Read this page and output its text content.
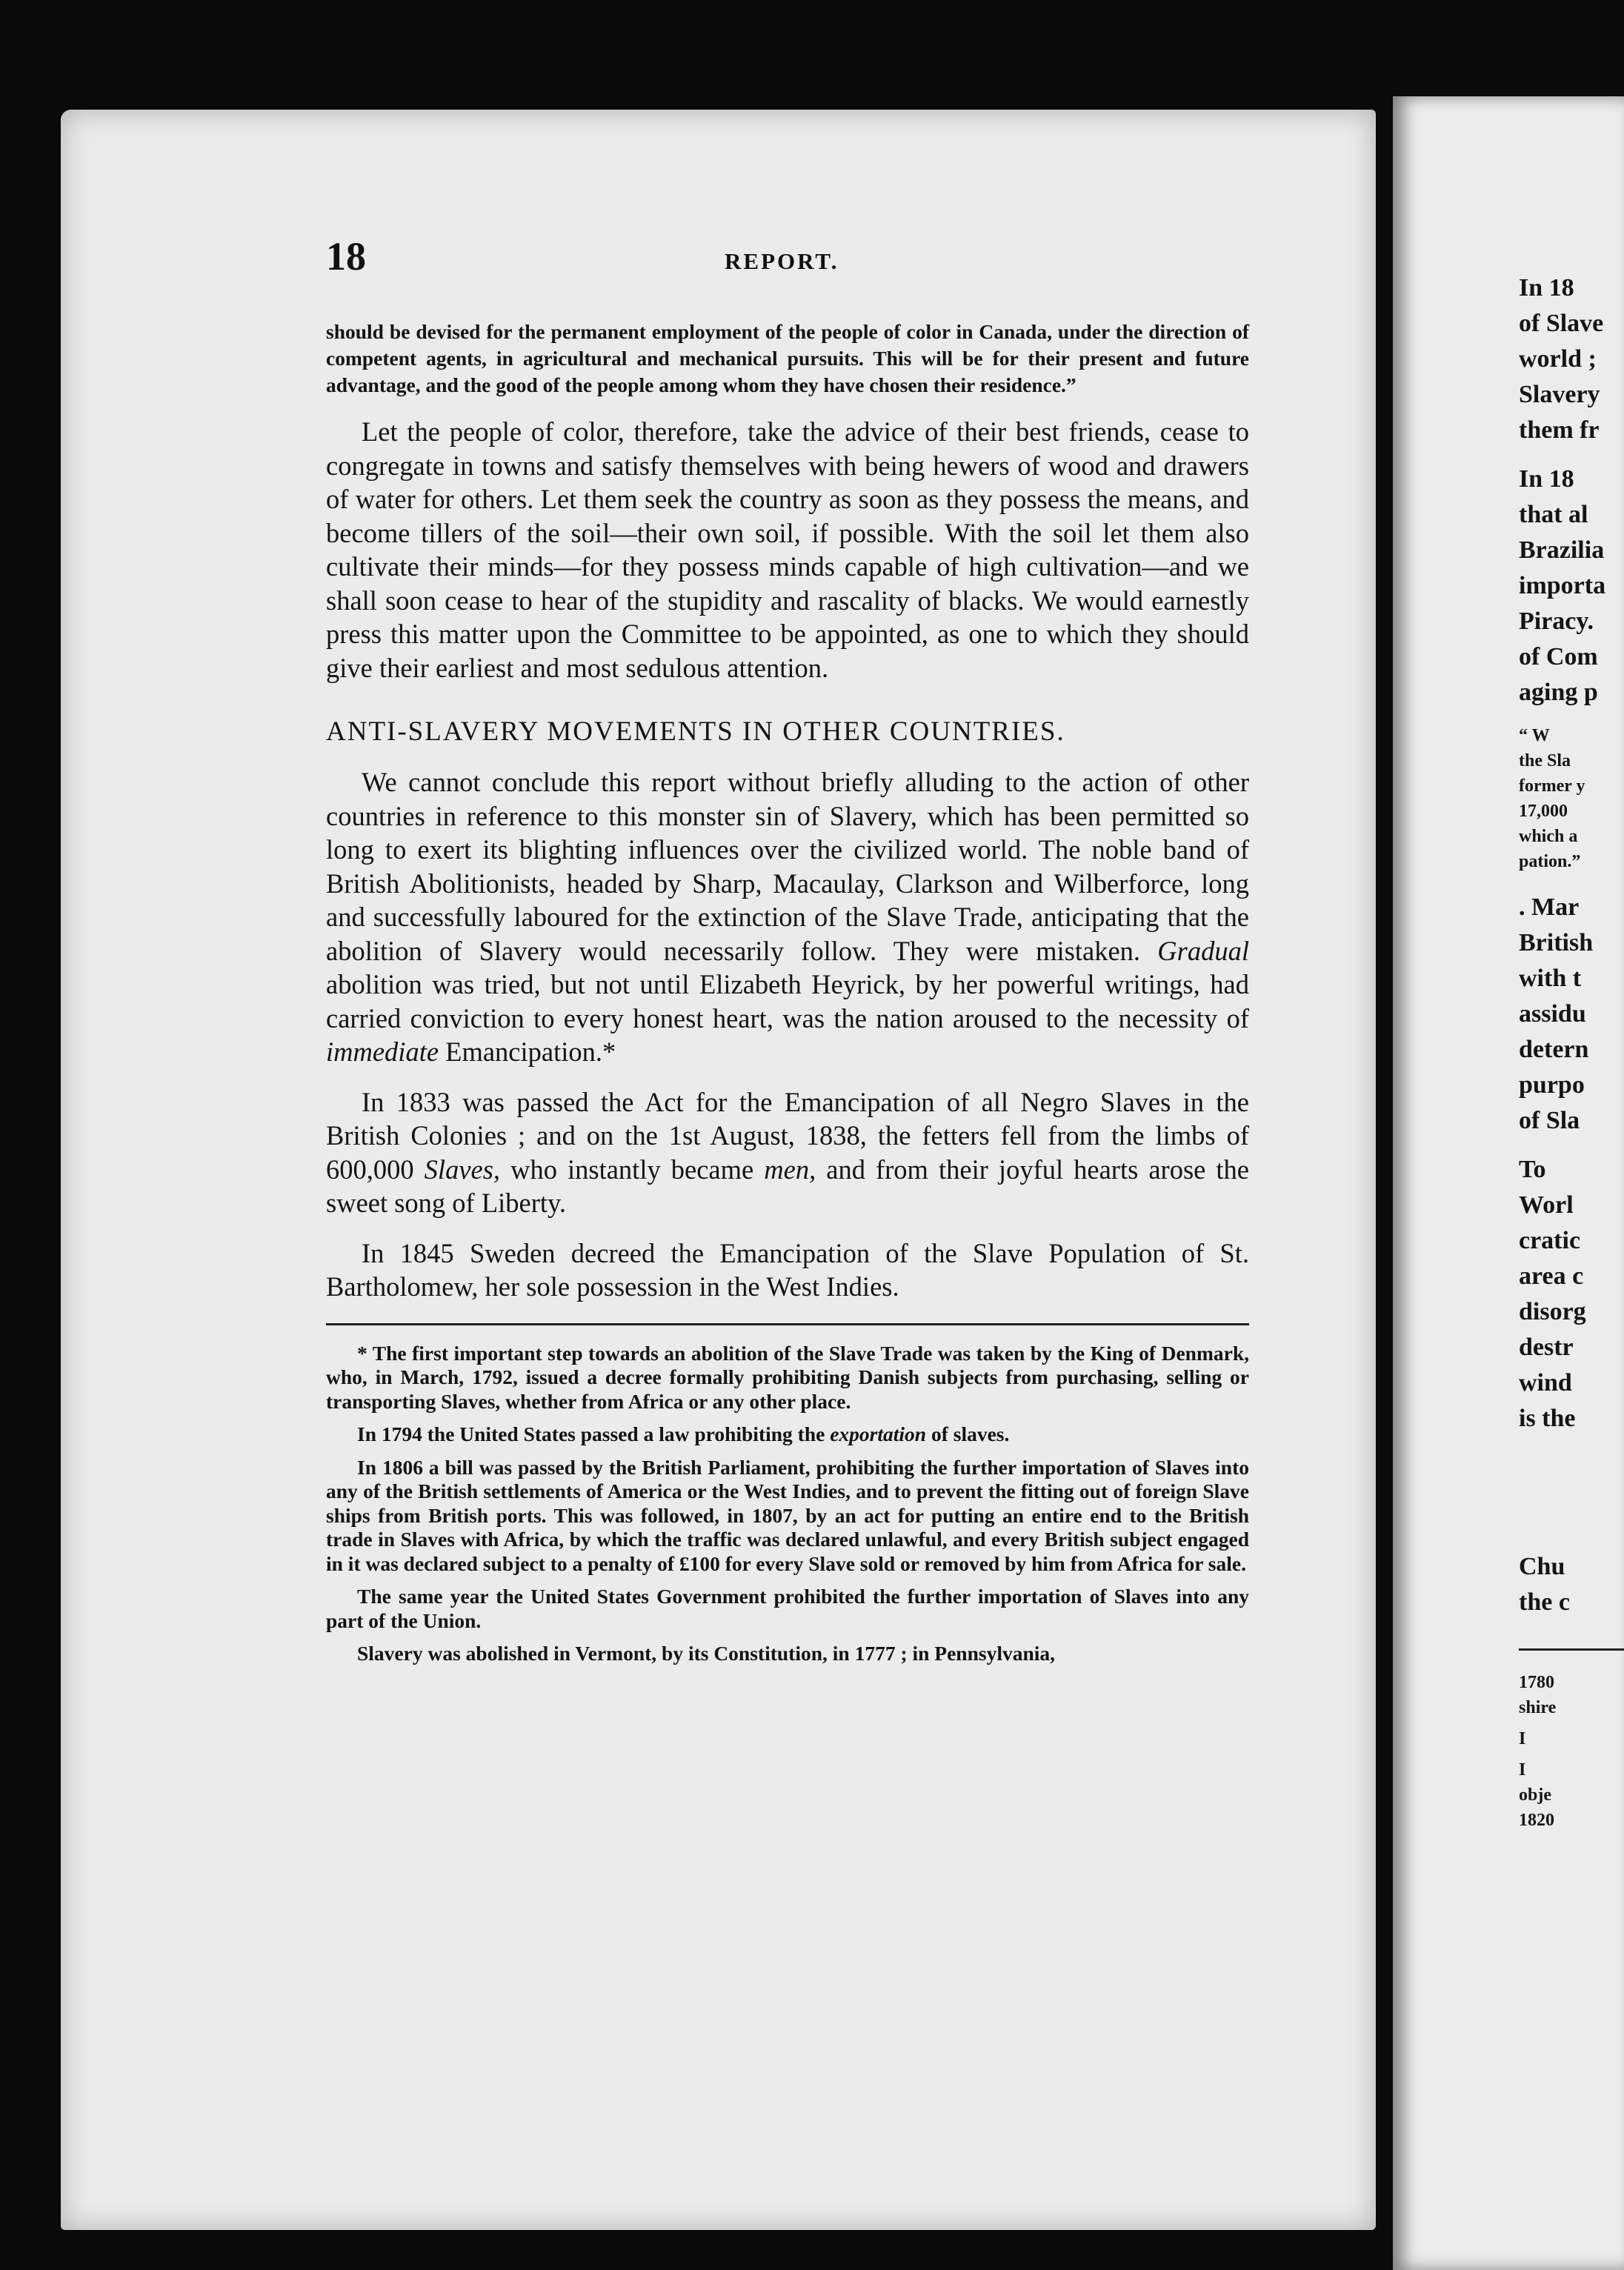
18	REPORT.

should be devised for the permanent employment of the people of color in Canada, under the direction of competent agents, in agricultural and mechanical pursuits. This will be for their present and future advantage, and the good of the people among whom they have chosen their residence.”

Let the people of color, therefore, take the advice of their best friends, cease to congregate in towns and satisfy themselves with being hewers of wood and drawers of water for others. Let them seek the country as soon as they possess the means, and become tillers of the soil—their own soil, if possible. With the soil let them also cultivate their minds—for they possess minds capable of high cultivation—and we shall soon cease to hear of the stupidity and rascality of blacks. We would earnestly press this matter upon the Committee to be appointed, as one to which they should give their earliest and most sedulous attention.

ANTI-SLAVERY MOVEMENTS IN OTHER COUNTRIES.

We cannot conclude this report without briefly alluding to the action of other countries in reference to this monster sin of Slavery, which has been permitted so long to exert its blighting influences over the civilized world. The noble band of British Abolitionists, headed by Sharp, Macaulay, Clarkson and Wilberforce, long and successfully laboured for the extinction of the Slave Trade, anticipating that the abolition of Slavery would necessarily follow. They were mistaken. Gradual abolition was tried, but not until Elizabeth Heyrick, by her powerful writings, had carried conviction to every honest heart, was the nation aroused to the necessity of immediate Emancipation.*

In 1833 was passed the Act for the Emancipation of all Negro Slaves in the British Colonies ; and on the 1st August, 1838, the fetters fell from the limbs of 600,000 Slaves, who instantly became men, and from their joyful hearts arose the sweet song of Liberty.

In 1845 Sweden decreed the Emancipation of the Slave Population of St. Bartholomew, her sole possession in the West Indies.

* The first important step towards an abolition of the Slave Trade was taken by the King of Denmark, who, in March, 1792, issued a decree formally prohibiting Danish subjects from purchasing, selling or transporting Slaves, whether from Africa or any other place.

In 1794 the United States passed a law prohibiting the exportation of slaves.

In 1806 a bill was passed by the British Parliament, prohibiting the further importation of Slaves into any of the British settlements of America or the West Indies, and to prevent the fitting out of foreign Slave ships from British ports. This was followed, in 1807, by an act for putting an entire end to the British trade in Slaves with Africa, by which the traffic was declared unlawful, and every British subject engaged in it was declared subject to a penalty of £100 for every Slave sold or removed by him from Africa for sale.

The same year the United States Government prohibited the further importation of Slaves into any part of the Union.

Slavery was abolished in Vermont, by its Constitution, in 1777 ; in Pennsylvania,

In 18
of Slave
world ;
Slavery
them fr
In 18
that al
Brazilia
importa
Piracy.
of Com
aging p
“ W
the Sla
former y
17,000
which a
pation.”
. Mar
British
with t
assidu
detern
purpo
of Sla
To
Worl
cratic
area c
disorg
destr
wind
is the
Chu
the c
1780
shire
I
I
obje
1820
